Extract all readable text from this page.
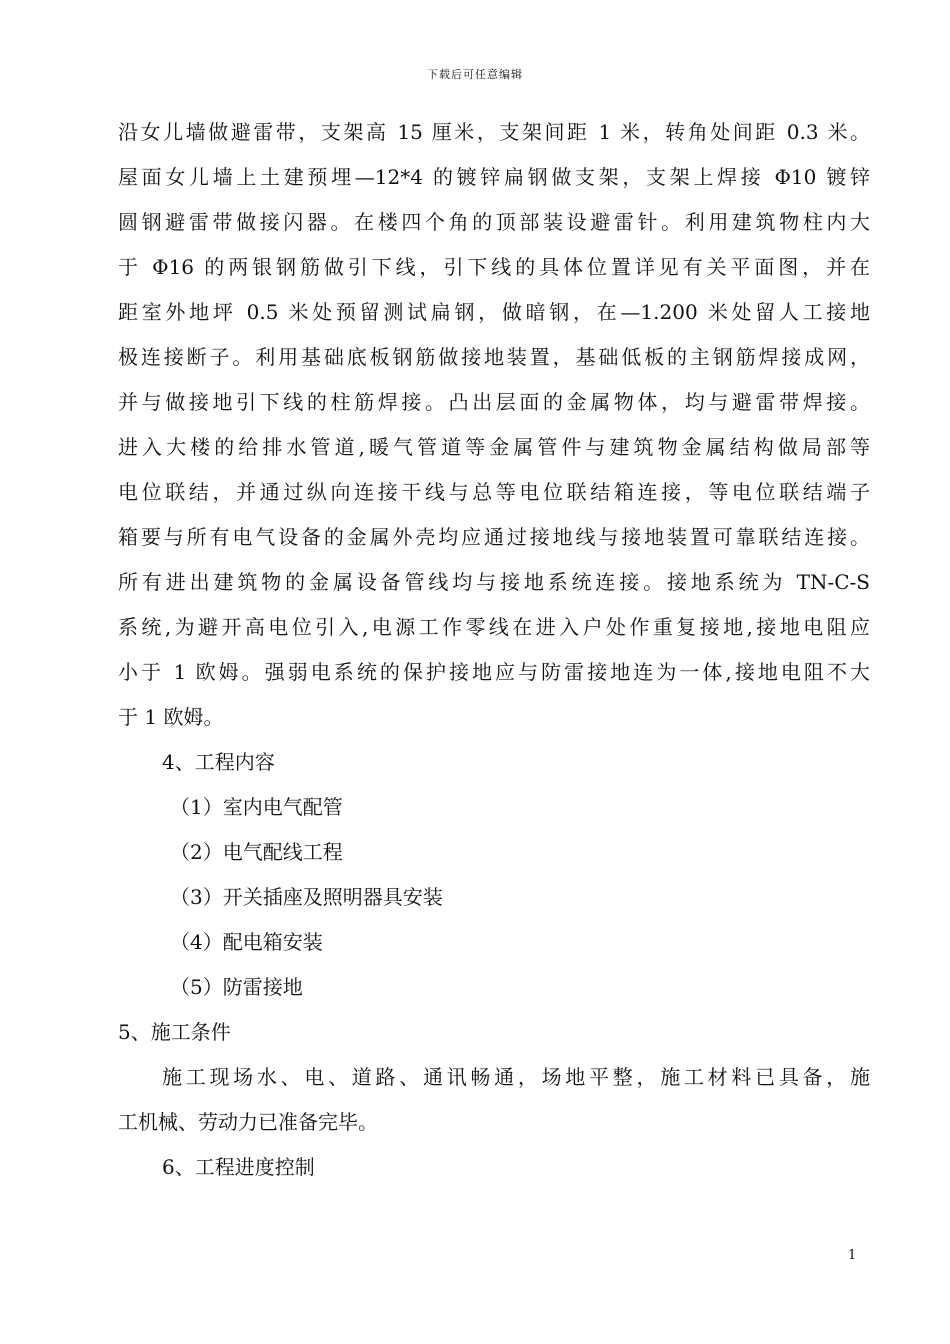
下载后可任意编辑
沿女儿墙做避雷带，支架高 15 厘米，支架间距 1 米，转角处间距 0.3 米。
屋面女儿墙上土建预埋—12*4 的镀锌扁钢做支架，支架上焊接 Φ10 镀锌
圆钢避雷带做接闪器。在楼四个角的顶部装设避雷针。利用建筑物柱内大
于 Φ16 的两银钢筋做引下线，引下线的具体位置详见有关平面图，并在
距室外地坪 0.5 米处预留测试扁钢，做暗钢，在—1.200 米处留人工接地
极连接断子。利用基础底板钢筋做接地装置，基础低板的主钢筋焊接成网，
并与做接地引下线的柱筋焊接。凸出层面的金属物体，均与避雷带焊接。
进入大楼的给排水管道,暖气管道等金属管件与建筑物金属结构做局部等
电位联结，并通过纵向连接干线与总等电位联结箱连接，等电位联结端子
箱要与所有电气设备的金属外壳均应通过接地线与接地装置可靠联结连接。
所有进出建筑物的金属设备管线均与接地系统连接。接地系统为 TN-C-S
系统,为避开高电位引入,电源工作零线在进入户处作重复接地,接地电阻应
小于 1 欧姆。强弱电系统的保护接地应与防雷接地连为一体,接地电阻不大
于 1 欧姆。
4、工程内容
（1）室内电气配管
（2）电气配线工程
（3）开关插座及照明器具安装
（4）配电箱安装
（5）防雷接地
5、施工条件
施工现场水、电、道路、通讯畅通，场地平整，施工材料已具备，施
工机械、劳动力已准备完毕。
6、工程进度控制
1
